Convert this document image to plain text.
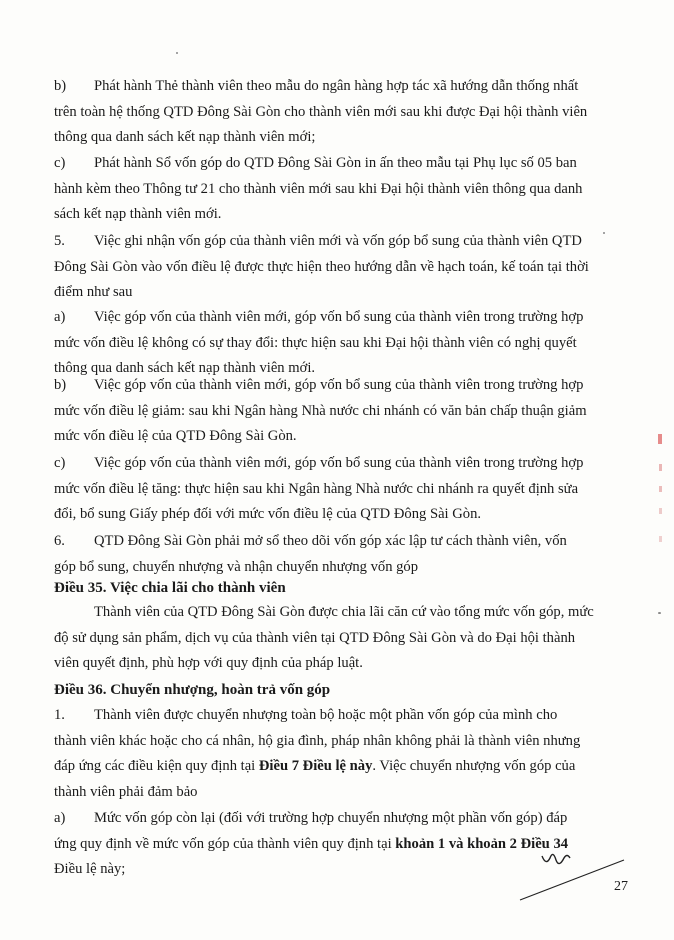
b) Phát hành Thẻ thành viên theo mẫu do ngân hàng hợp tác xã hướng dẫn thống nhất
trên toàn hệ thống QTD Đông Sài Gòn cho thành viên mới sau khi được Đại hội thành viên
thông qua danh sách kết nạp thành viên mới;
c) Phát hành Sổ vốn góp do QTD Đông Sài Gòn in ấn theo mẫu tại Phụ lục số 05 ban
hành kèm theo Thông tư 21 cho thành viên mới sau khi Đại hội thành viên thông qua danh
sách kết nạp thành viên mới.
5. Việc ghi nhận vốn góp của thành viên mới và vốn góp bổ sung của thành viên QTD
Đông Sài Gòn vào vốn điều lệ được thực hiện theo hướng dẫn về hạch toán, kế toán tại thời
điểm như sau
a) Việc góp vốn của thành viên mới, góp vốn bổ sung của thành viên trong trường hợp
mức vốn điều lệ không có sự thay đổi: thực hiện sau khi Đại hội thành viên có nghị quyết
thông qua danh sách kết nạp thành viên mới.
b) Việc góp vốn của thành viên mới, góp vốn bổ sung của thành viên trong trường hợp
mức vốn điều lệ giảm: sau khi Ngân hàng Nhà nước chi nhánh có văn bản chấp thuận giảm
mức vốn điều lệ của QTD Đông Sài Gòn.
c) Việc góp vốn của thành viên mới, góp vốn bổ sung của thành viên trong trường hợp
mức vốn điều lệ tăng: thực hiện sau khi Ngân hàng Nhà nước chi nhánh ra quyết định sửa
đổi, bổ sung Giấy phép đối với mức vốn điều lệ của QTD Đông Sài Gòn.
6. QTD Đông Sài Gòn phải mở sổ theo dõi vốn góp xác lập tư cách thành viên, vốn
góp bổ sung, chuyển nhượng và nhận chuyển nhượng vốn góp
Điều 35. Việc chia lãi cho thành viên
Thành viên của QTD Đông Sài Gòn được chia lãi căn cứ vào tổng mức vốn góp, mức
độ sử dụng sản phẩm, dịch vụ của thành viên tại QTD Đông Sài Gòn và do Đại hội thành
viên quyết định, phù hợp với quy định của pháp luật.
Điều 36. Chuyển nhượng, hoàn trả vốn góp
1. Thành viên được chuyển nhượng toàn bộ hoặc một phần vốn góp của mình cho
thành viên khác hoặc cho cá nhân, hộ gia đình, pháp nhân không phải là thành viên nhưng
đáp ứng các điều kiện quy định tại Điều 7 Điều lệ này. Việc chuyển nhượng vốn góp của
thành viên phải đảm bảo
a) Mức vốn góp còn lại (đối với trường hợp chuyển nhượng một phần vốn góp) đáp
ứng quy định về mức vốn góp của thành viên quy định tại khoản 1 và khoản 2 Điều 34
Điều lệ này;
27
